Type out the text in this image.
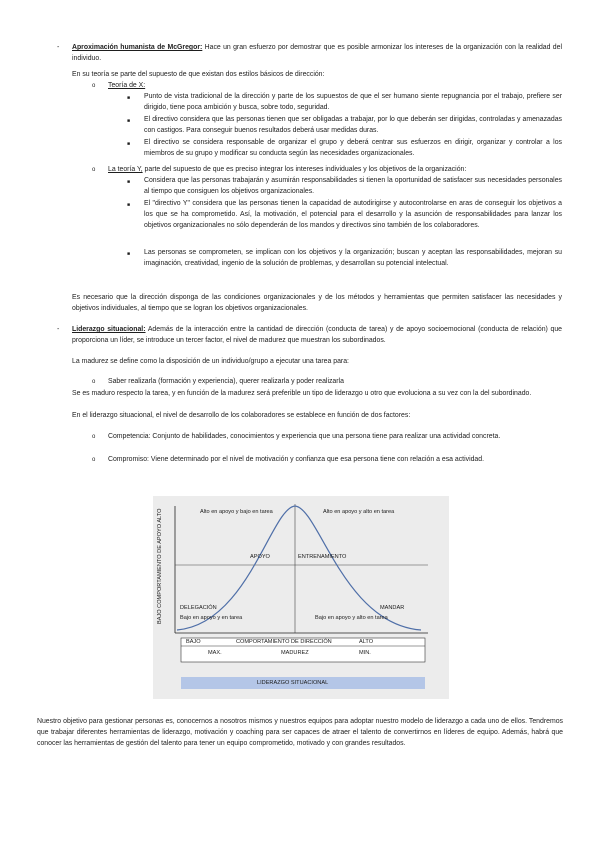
- Aproximación humanista de McGregor: Hace un gran esfuerzo por demostrar que es posible armonizar los intereses de la organización con la realidad del individuo.

En su teoría se parte del supuesto de que existan dos estilos básicos de dirección:

o Teoría de X:

■ Punto de vista tradicional de la dirección y parte de los supuestos de que el ser humano siente repugnancia por el trabajo, prefiere ser dirigido, tiene poca ambición y busca, sobre todo, seguridad.

■ El directivo considera que las personas tienen que ser obligadas a trabajar, por lo que deberán ser dirigidas, controladas y amenazadas con castigos. Para conseguir buenos resultados deberá usar medidas duras.

■ El directivo se considera responsable de organizar el grupo y deberá centrar sus esfuerzos en dirigir, organizar y controlar a los miembros de su grupo y modificar su conducta según las necesidades organizacionales.

o La teoría Y, parte del supuesto de que es preciso integrar los intereses individuales y los objetivos de la organización:

■ Considera que las personas trabajarán y asumirán responsabilidades si tienen la oportunidad de satisfacer sus necesidades personales al tiempo que consiguen los objetivos organizacionales.

■ El "directivo Y" considera que las personas tienen la capacidad de autodirigirse y autocontrolarse en aras de conseguir los objetivos a los que se ha comprometido. Así, la motivación, el potencial para el desarrollo y la asunción de responsabilidades para lanzar los objetivos organizacionales no sólo dependerán de los mandos y directivos sino también de los colaboradores.

■ Las personas se comprometen, se implican con los objetivos y la organización; buscan y aceptan las responsabilidades, mejoran su imaginación, creatividad, ingenio de la solución de problemas, y desarrollan su potencial intelectual.

Es necesario que la dirección disponga de las condiciones organizacionales y de los métodos y herramientas que permiten satisfacer las necesidades y objetivos individuales, al tiempo que se logran los objetivos organizacionales.

- Liderazgo situacional: Además de la interacción entre la cantidad de dirección (conducta de tarea) y de apoyo socioemocional (conducta de relación) que proporciona un líder, se introduce un tercer factor, el nivel de madurez que muestran los subordinados.

La madurez se define como la disposición de un individuo/grupo a ejecutar una tarea para:

o Saber realizarla (formación y experiencia), querer realizarla y poder realizarla

Se es maduro respecto la tarea, y en función de la madurez será preferible un tipo de liderazgo u otro que evoluciona a su vez con la del subordinado.

En el liderazgo situacional, el nivel de desarrollo de los colaboradores se establece en función de dos factores:

o Competencia: Conjunto de habilidades, conocimientos y experiencia que una persona tiene para realizar una actividad concreta.

o Compromiso: Viene determinado por el nivel de motivación y confianza que esa persona tiene con relación a esa actividad.

BAJO COMPORTAMIENTO DE APOYO ALTO	Alto en apoyo y bajo en tarea	Alto en apoyo y alto en tarea
APOYO	ENTRENAMIENTO
DELEGACIÓN
Bajo en apoyo y en tarea
MANDAR
Bajo en apoyo y alto en tarea
BAJO	COMPORTAMIENTO DE DIRECCIÓN	ALTO
MAX.	MADUREZ	MIN.
LIDERAZGO SITUACIONAL

Nuestro objetivo para gestionar personas es, conocernos a nosotros mismos y nuestros equipos para adoptar nuestro modelo de liderazgo a cada uno de ellos. Tendremos que trabajar diferentes herramientas de liderazgo, motivación y coaching para ser capaces de atraer el talento de convertirnos en líderes de equipo. Además, habrá que conocer las herramientas de gestión del talento para tener un equipo comprometido, motivado y con grandes resultados.
